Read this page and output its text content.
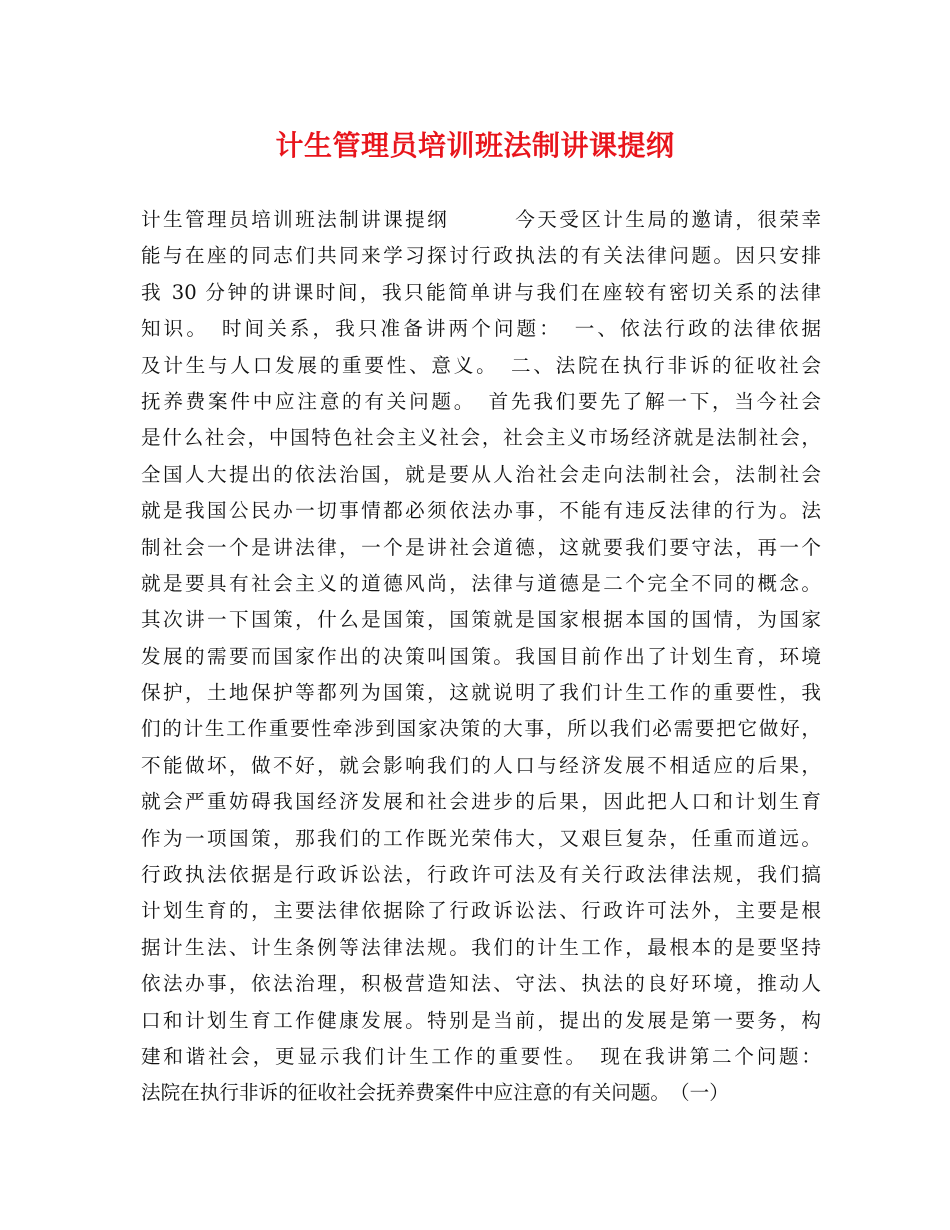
计生管理员培训班法制讲课提纲
计生管理员培训班法制讲课提纲　　　今天受区计生局的邀请，很荣幸
能与在座的同志们共同来学习探讨行政执法的有关法律问题。因只安排
我 30 分钟的讲课时间，我只能简单讲与我们在座较有密切关系的法律
知识。　时间关系，我只准备讲两个问题：　一、依法行政的法律依据
及计生与人口发展的重要性、意义。　二、法院在执行非诉的征收社会
抚养费案件中应注意的有关问题。　首先我们要先了解一下，当今社会
是什么社会，中国特色社会主义社会，社会主义市场经济就是法制社会，
全国人大提出的依法治国，就是要从人治社会走向法制社会，法制社会
就是我国公民办一切事情都必须依法办事，不能有违反法律的行为。法
制社会一个是讲法律，一个是讲社会道德，这就要我们要守法，再一个
就是要具有社会主义的道德风尚，法律与道德是二个完全不同的概念。
其次讲一下国策，什么是国策，国策就是国家根据本国的国情，为国家
发展的需要而国家作出的决策叫国策。我国目前作出了计划生育，环境
保护，土地保护等都列为国策，这就说明了我们计生工作的重要性，我
们的计生工作重要性牵涉到国家决策的大事，所以我们必需要把它做好，
不能做坏，做不好，就会影响我们的人口与经济发展不相适应的后果，
就会严重妨碍我国经济发展和社会进步的后果，因此把人口和计划生育
作为一项国策，那我们的工作既光荣伟大，又艰巨复杂，任重而道远。
行政执法依据是行政诉讼法，行政许可法及有关行政法律法规，我们搞
计划生育的，主要法律依据除了行政诉讼法、行政许可法外，主要是根
据计生法、计生条例等法律法规。我们的计生工作，最根本的是要坚持
依法办事，依法治理，积极营造知法、守法、执法的良好环境，推动人
口和计划生育工作健康发展。特别是当前，提出的发展是第一要务，构
建和谐社会，更显示我们计生工作的重要性。　现在我讲第二个问题：
法院在执行非诉的征收社会抚养费案件中应注意的有关问题。　（一）
